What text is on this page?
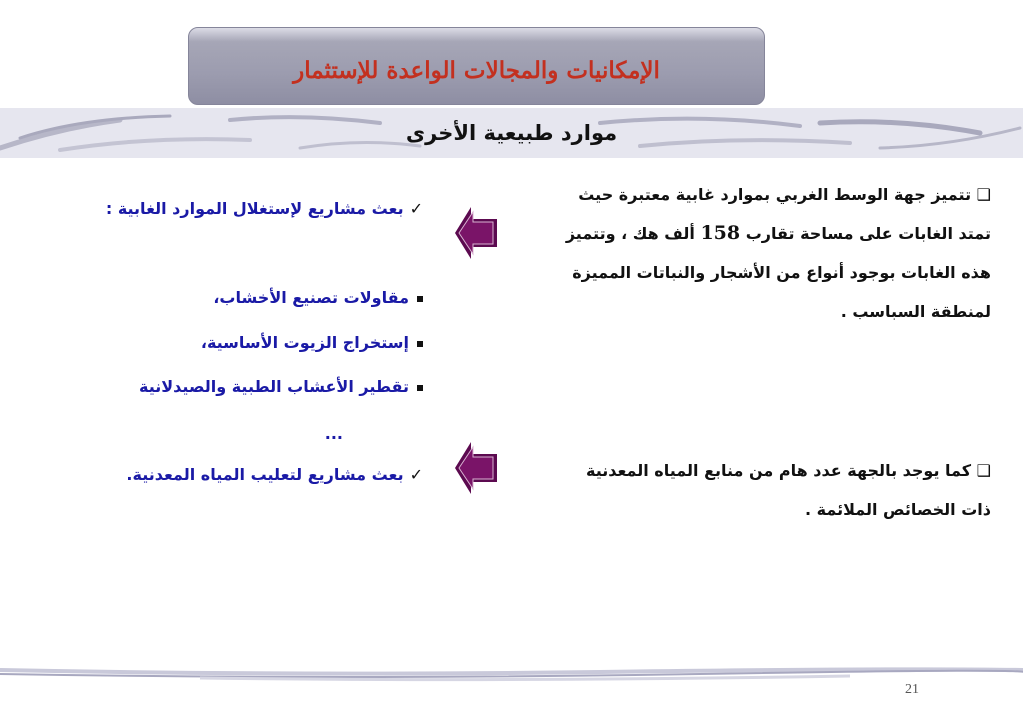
الإمكانيات والمجالات الواعدة للإستثمار
موارد طبيعية الأخرى
❑ تتميز جهة الوسط الغربي بموارد غابية معتبرة حيث
تمتد الغابات على مساحة تقارب 158 ألف هك ، وتتميز
هذه الغابات بوجود أنواع من الأشجار والنباتات المميزة
لمنطقة السباسب .
❑ كما يوجد بالجهة عدد هام من منابع المياه المعدنية
ذات الخصائص الملائمة .
✓بعث مشاريع لإستغلال الموارد الغابية :
مقاولات تصنيع الأخشاب،
إستخراج الزيوت الأساسية،
تقطير الأعشاب الطبية والصيدلانية
...
✓بعث مشاريع لتعليب المياه المعدنية.
21
